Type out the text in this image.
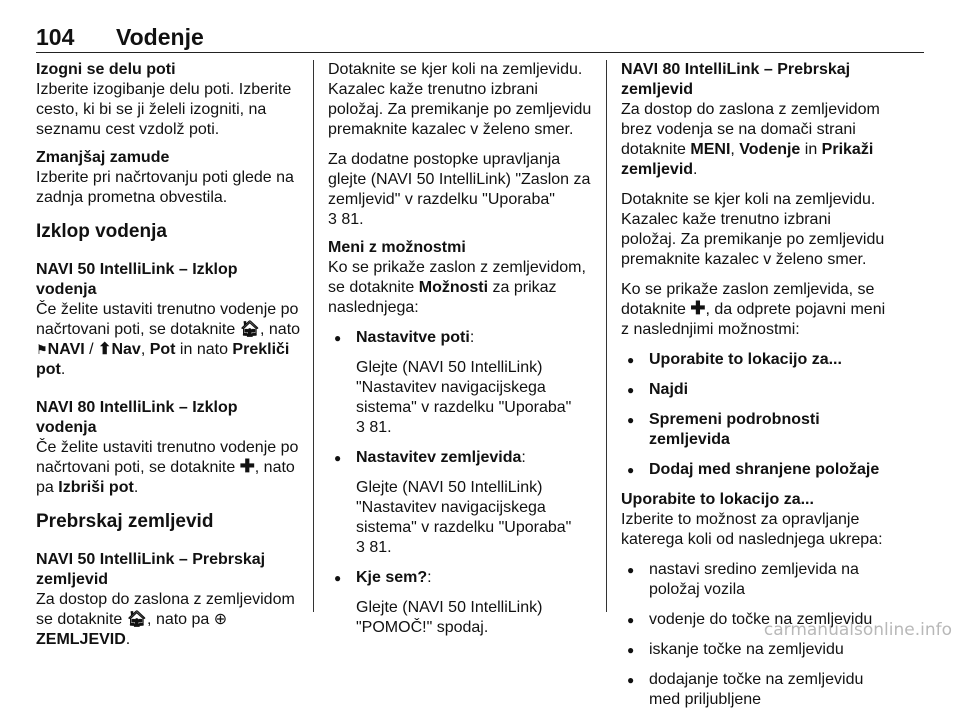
104 Vodenje
Izogni se delu poti
Izberite izogibanje delu poti. Izberite cesto, ki bi se ji želeli izogniti, na seznamu cest vzdolž poti.
Zmanjšaj zamude
Izberite pri načrtovanju poti glede na zadnja prometna obvestila.
Izklop vodenja
NAVI 50 IntelliLink – Izklop vodenja
Če želite ustaviti trenutno vodenje po načrtovani poti, se dotaknite 🏠︎, nato ⚑NAVI / ⬆︎Nav, Pot in nato Prekliči pot.
NAVI 80 IntelliLink – Izklop vodenja
Če želite ustaviti trenutno vodenje po načrtovani poti, se dotaknite ✚, nato pa Izbriši pot.
Prebrskaj zemljevid
NAVI 50 IntelliLink – Prebrskaj zemljevid
Za dostop do zaslona z zemljevidom se dotaknite 🏠︎, nato pa ⊕ZEMLJEVID.

Dotaknite se kjer koli na zemljevidu. Kazalec kaže trenutno izbrani položaj. Za premikanje po zemljevidu premaknite kazalec v želeno smer.

Za dodatne postopke upravljanja glejte (NAVI 50 IntelliLink) "Zaslon za zemljevid" v razdelku "Uporaba"
3 81.

Meni z možnostmi
Ko se prikaže zaslon z zemljevidom, se dotaknite Možnosti za prikaz naslednjega:
● Nastavitve poti:
Glejte (NAVI 50 IntelliLink) "Nastavitev navigacijskega sistema" v razdelku "Uporaba"
3 81.
● Nastavitev zemljevida:
Glejte (NAVI 50 IntelliLink) "Nastavitev navigacijskega sistema" v razdelku "Uporaba"
3 81.
● Kje sem?:
Glejte (NAVI 50 IntelliLink) "POMOČ!" spodaj.
NAVI 80 IntelliLink – Prebrskaj zemljevid

Za dostop do zaslona z zemljevidom brez vodenja se na domači strani dotaknite MENI, Vodenje in Prikaži zemljevid.

Dotaknite se kjer koli na zemljevidu. Kazalec kaže trenutno izbrani položaj. Za premikanje po zemljevidu premaknite kazalec v želeno smer.

Ko se prikaže zaslon zemljevida, se dotaknite ✚, da odprete pojavni meni z naslednjimi možnostmi:

● Uporabite to lokacijo za...
● Najdi
● Spremeni podrobnosti zemljevida
● Dodaj med shranjene položaje
Uporabite to lokacijo za...

Izberite to možnost za opravljanje katerega koli od naslednjega ukrepa:

● nastavi sredino zemljevida na položaj vozila
● vodenje do točke na zemljevidu
● iskanje točke na zemljevidu
● dodajanje točke na zemljevidu med priljubljene
carmanualsonline.info
